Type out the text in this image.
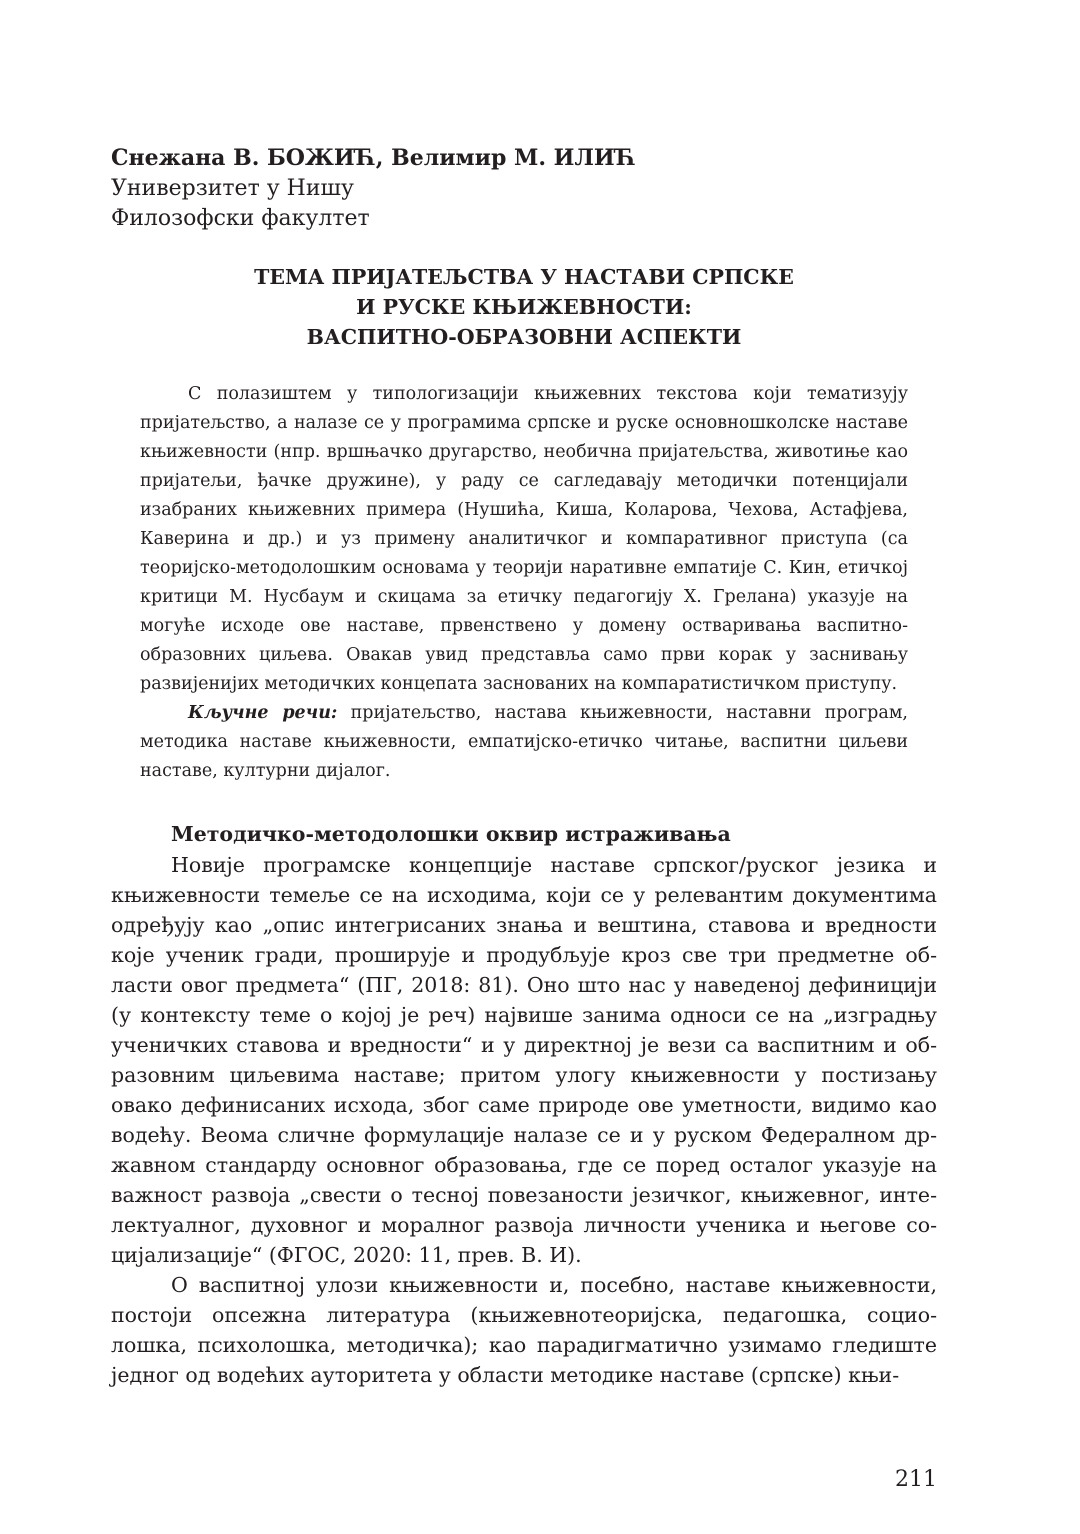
Снежана В. БОЖИЋ, Велимир М. ИЛИЋ
Универзитет у Нишу
Филозофски факултет
ТЕМА ПРИЈАТЕЉСТВА У НАСТАВИ СРПСКЕ
И РУСКЕ КЊИЖЕВНОСТИ:
ВАСПИТНО-ОБРАЗОВНИ АСПЕКТИ

С полазиштем у типологизацији књижевних текстова који тематизују пријатељство, а налазе се у програмима српске и руске основношколске наставе књижевности (нпр. вршњачко другарство, необична пријатељства, животиње као пријатељи, ђачке дружине), у раду се сагледавају методички потенцијали изабраних књижевних примера (Нушића, Киша, Коларова, Чехова, Астафјева, Каверина и др.) и уз примену аналитичког и компаративног приступа (са теоријско-методолошким основама у теорији наративне емпатије С. Кин, етичкој критици М. Нусбаум и скицама за етичку педагогију Х. Грелана) указује на могуће исходе ове наставе, првенствено у домену остваривања васпитно-образовних циљева. Овакав увид представља само први корак у заснивању развијенијих методичких концепата заснованих на компаратистичком приступу.

Кључне речи: пријатељство, настава књижевности, наставни програм, методика наставе књижевности, емпатијско-етичко читање, васпитни циљеви наставе, културни дијалог.

Методичко-методолошки оквир истраживања

Новије програмске концепције наставе српског/руског језика и књижевности темеље се на исходима, који се у релевантим документима одређују као „опис интегрисаних знања и вештина, ставова и вредности које ученик гради, проширује и продубљује кроз све три предметне области овог предмета“ (ПГ, 2018: 81). Оно што нас у наведеној дефиницији (у контексту теме о којој је реч) највише занима односи се на „изградњу ученичких ставова и вредности“ и у директној је вези са васпитним и образовним циљевима наставе; притом улогу књижевности у постизању овако дефинисаних исхода, због саме природе ове уметности, видимо као водећу. Веома сличне формулације налазе се и у руском Федералном државном стандарду основног образовања, где се поред осталог указује на важност развоја „свести о тесној повезаности језичког, књижевног, интелектуалног, духовног и моралног развоја личности ученика и његове социјализације“ (ФГОС, 2020: 11, прев. В. И).

О васпитној улози књижевности и, посебно, наставе књижевности, постоји опсежна литература (књижевнотеоријска, педагошка, социолошка, психолошка, методичка); као парадигматично узимамо гледиште једног од водећих ауторитета у области методике наставе (српске) књи-

211
